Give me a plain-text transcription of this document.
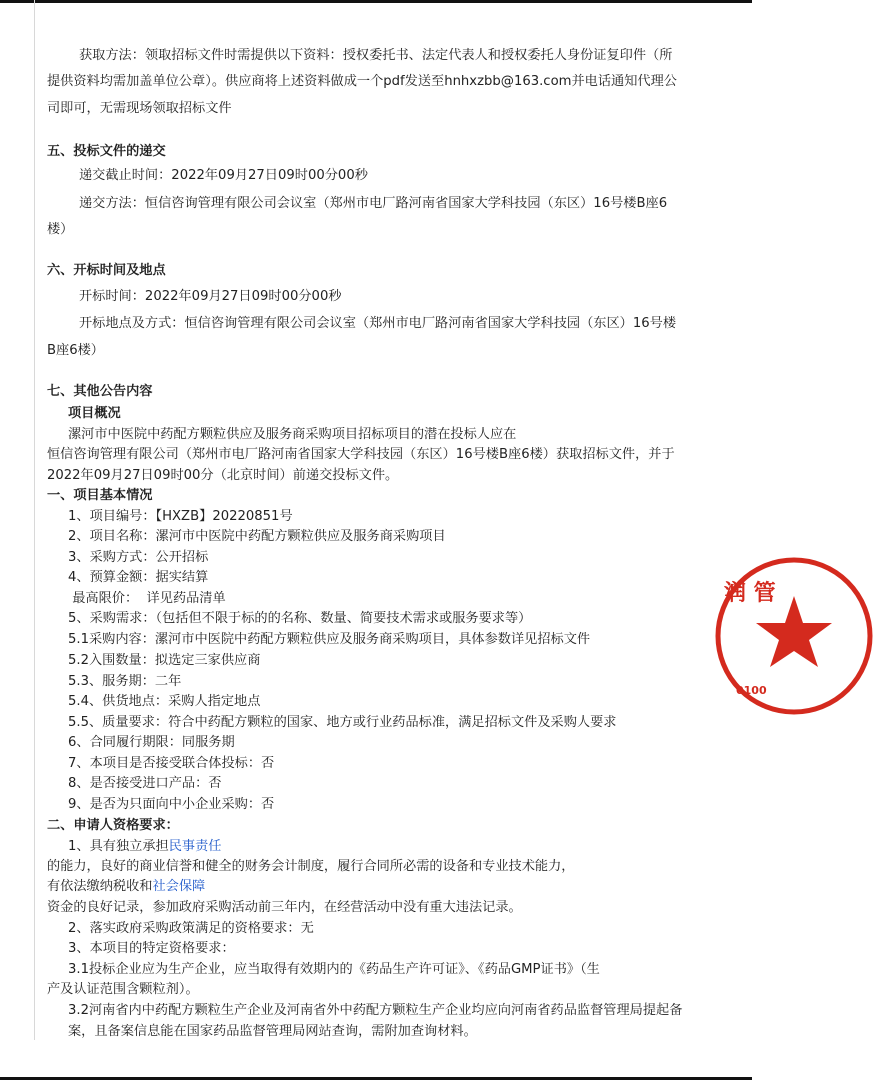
获取方法：领取招标文件时需提供以下资料：授权委托书、法定代表人和授权委托人身份证复印件（所
提供资料均需加盖单位公章）。供应商将上述资料做成一个pdf发送至hnhxzbb@163.com并电话通知代理公
司即可，无需现场领取招标文件
五、投标文件的递交
递交截止时间：2022年09月27日09时00分00秒
递交方法：恒信咨询管理有限公司会议室（郑州市电厂路河南省国家大学科技园（东区）16号楼B座6
楼）
六、开标时间及地点
开标时间：2022年09月27日09时00分00秒
开标地点及方式：恒信咨询管理有限公司会议室（郑州市电厂路河南省国家大学科技园（东区）16号楼
B座6楼）
七、其他公告内容
项目概况
漯河市中医院中药配方颗粒供应及服务商采购项目招标项目的潜在投标人应在
恒信咨询管理有限公司（郑州市电厂路河南省国家大学科技园（东区）16号楼B座6楼）获取招标文件，并于
2022年09月27日09时00分（北京时间）前递交投标文件。
一、项目基本情况
1、项目编号：【HXZB】20220851号
2、项目名称：漯河市中医院中药配方颗粒供应及服务商采购项目
3、采购方式：公开招标
4、预算金额：据实结算
最高限价：  详见药品清单
5、采购需求：（包括但不限于标的的名称、数量、简要技术需求或服务要求等）
5.1采购内容：漯河市中医院中药配方颗粒供应及服务商采购项目，具体参数详见招标文件
5.2入围数量：拟选定三家供应商
5.3、服务期：二年
5.4、供货地点：采购人指定地点
5.5、质量要求：符合中药配方颗粒的国家、地方或行业药品标准，满足招标文件及采购人要求
6、合同履行期限：同服务期
7、本项目是否接受联合体投标：否
8、是否接受进口产品：否
9、是否为只面向中小企业采购：否
二、申请人资格要求：
1、具有独立承担民事责任
的能力，良好的商业信誉和健全的财务会计制度，履行合同所必需的设备和专业技术能力，
有依法缴纳税收和社会保障
资金的良好记录，参加政府采购活动前三年内，在经营活动中没有重大违法记录。
2、落实政府采购政策满足的资格要求：无
3、本项目的特定资格要求：
3.1投标企业应为生产企业，应当取得有效期内的《药品生产许可证》、《药品GMP证书》（生
产及认证范围含颗粒剂）。
3.2河南省内中药配方颗粒生产企业及河南省外中药配方颗粒生产企业均应向河南省药品监督管理局提起备
案，且备案信息能在国家药品监督管理局网站查询，需附加查询材料。
润 管
0100
